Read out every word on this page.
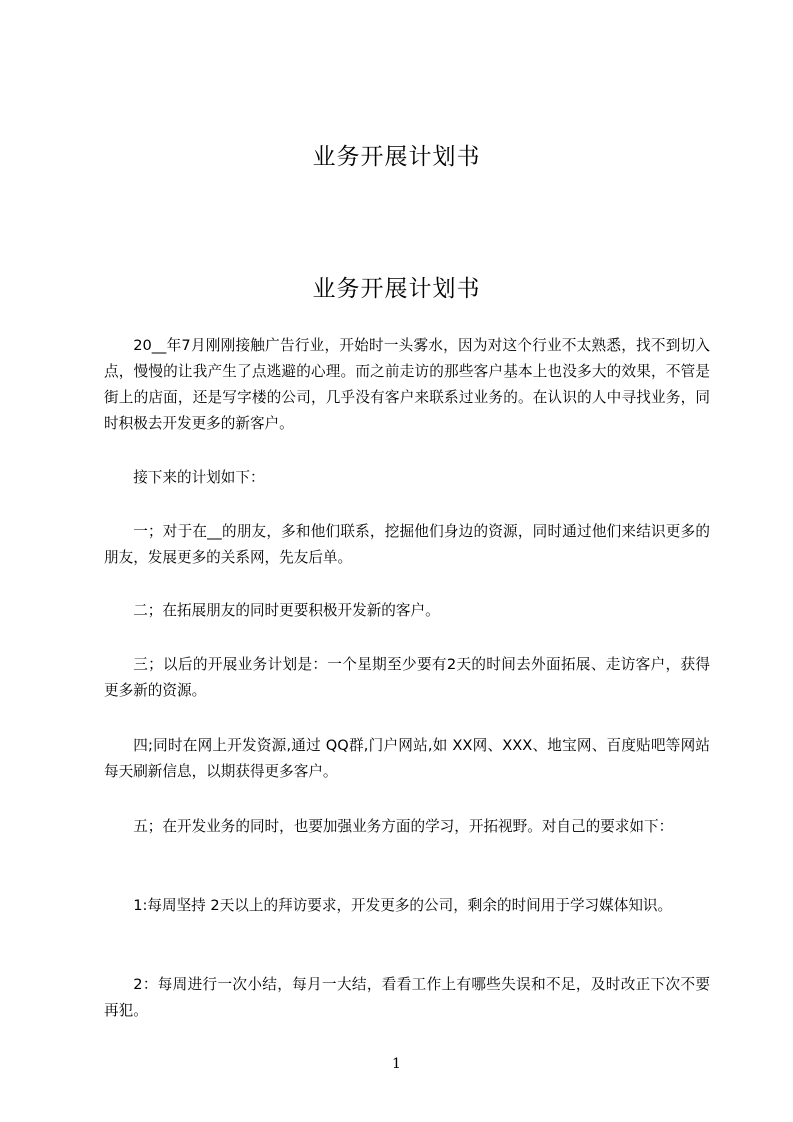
业务开展计划书
业务开展计划书

20__年7月刚刚接触广告行业，开始时一头雾水，因为对这个行业不太熟悉，找不到切入点，慢慢的让我产生了点逃避的心理。而之前走访的那些客户基本上也没多大的效果，不管是街上的店面，还是写字楼的公司，几乎没有客户来联系过业务的。在认识的人中寻找业务，同时积极去开发更多的新客户。

接下来的计划如下：

一；对于在__的朋友，多和他们联系，挖掘他们身边的资源，同时通过他们来结识更多的朋友，发展更多的关系网，先友后单。

二；在拓展朋友的同时更要积极开发新的客户。

三；以后的开展业务计划是：一个星期至少要有2天的时间去外面拓展、走访客户，获得更多新的资源。

四;同时在网上开发资源,通过 QQ群,门户网站,如 XX网、XXX、地宝网、百度贴吧等网站每天刷新信息，以期获得更多客户。

五；在开发业务的同时，也要加强业务方面的学习，开拓视野。对自己的要求如下：

1:每周坚持 2天以上的拜访要求，开发更多的公司，剩余的时间用于学习媒体知识。

2：每周进行一次小结，每月一大结，看看工作上有哪些失误和不足，及时改正下次不要再犯。

1
